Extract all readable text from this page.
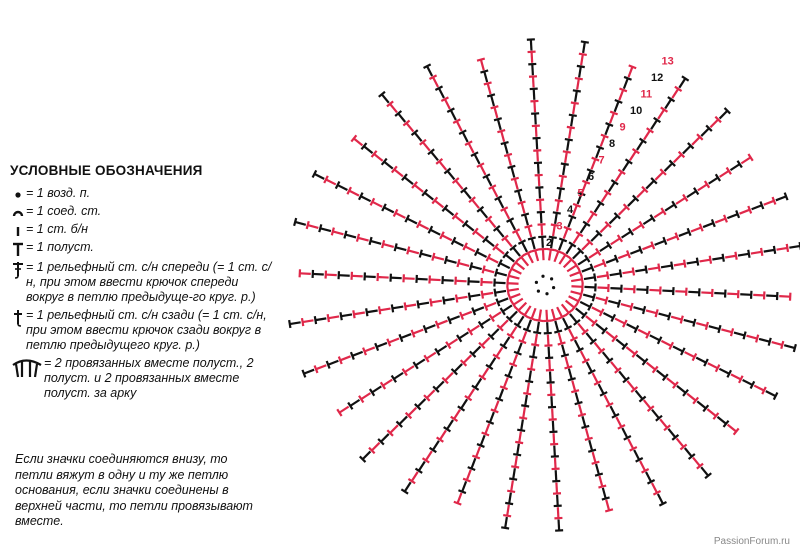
УСЛОВНЫЕ ОБОЗНАЧЕНИЯ
= 1 возд. п.
= 1 соед. ст.
= 1 ст. б/н
= 1 полуст.
= 1 рельефный ст. с/н спереди (= 1 ст. с/н, при этом ввести крючок спереди вокруг в петлю предыдуще-го круг. р.)
= 1 рельефный ст. с/н сзади (= 1 ст. с/н, при этом ввести крючок сзади вокруг в петлю предыдущего круг. р.)
= 2 провязанных вместе полуст., 2 полуст. и 2 провязанных вместе полуст. за арку
Если значки соединяются внизу, то петли вяжут в одну и ту же петлю основания, если значки соединены в верхней части, то петли провязывают вместе.
2
3
4
5
6
7
8
9
10
11
12
13
PassionForum.ru
